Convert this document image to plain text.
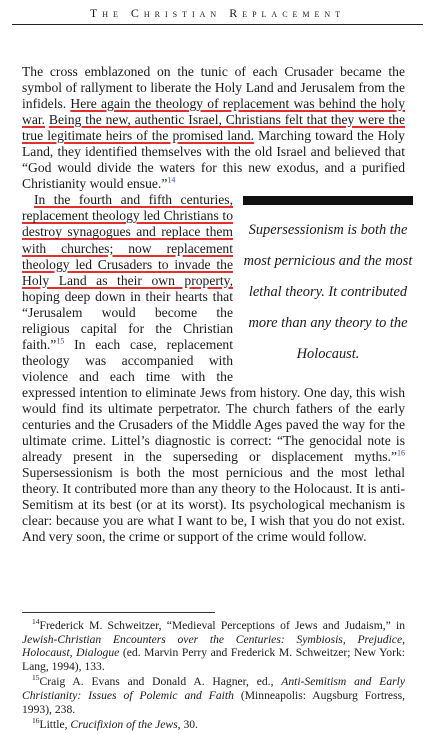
The Christian Replacement

The cross emblazoned on the tunic of each Crusader became the symbol of rallyment to liberate the Holy Land and Jerusalem from the infidels. Here again the theology of replacement was behind the holy war. Being the new, authentic Israel, Christians felt that they were the true legitimate heirs of the promised land. Marching toward the Holy Land, they identified themselves with the old Israel and believed that “God would divide the waters for this new exodus, and a purified Christianity would ensue.”$^{14}$

Supersessionism is both the most pernicious and the most lethal theory. It contributed more than any theory to the Holocaust.

In the fourth and fifth centuries, replacement theology led Christians to destroy synagogues and replace them with churches; now replacement theology led Crusaders to invade the Holy Land as their own property, hoping deep down in their hearts that “Jerusalem would become the religious capital for the Christian faith.”$^{15}$ In each case, replacement theology was accompanied with violence and each time with the expressed intention to eliminate Jews from history. One day, this wish would find its ultimate perpetrator. The church fathers of the early centuries and the Crusaders of the Middle Ages paved the way for the ultimate crime. Littel’s diagnostic is correct: “The genocidal note is already present in the superseding or displacement myths.”$^{16}$ Supersessionism is both the most pernicious and the most lethal theory. It contributed more than any theory to the Holocaust. It is anti-Semitism at its best (or at its worst). Its psychological mechanism is clear: because you are what I want to be, I wish that you do not exist. And very soon, the crime or support of the crime would follow.

$^{14}$Frederick M. Schweitzer, “Medieval Perceptions of Jews and Judaism,” in Jewish-Christian Encounters over the Centuries: Symbiosis, Prejudice, Holocaust, Dialogue (ed. Marvin Perry and Frederick M. Schweitzer; New York: Lang, 1994), 133.

$^{15}$Craig A. Evans and Donald A. Hagner, ed., Anti-Semitism and Early Christianity: Issues of Polemic and Faith (Minneapolis: Augsburg Fortress, 1993), 238.

$^{16}$Little, Crucifixion of the Jews, 30.
